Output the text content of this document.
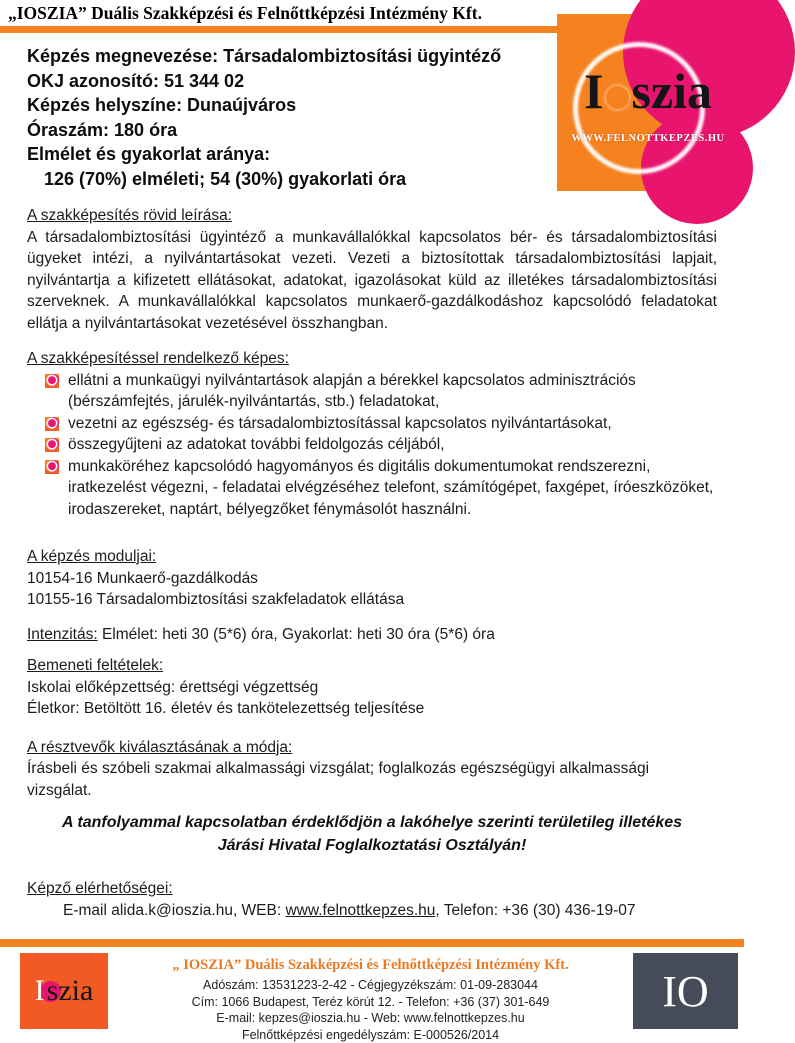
„IOSZIA” Duális Szakképzési és Felnőttképzési Intézmény Kft.
I szia
WWW.FELNOTTKEPZES.HU
Képzés megnevezése: Társadalombiztosítási ügyintéző
OKJ azonosító: 51 344 02
Képzés helyszíne: Dunaújváros
Óraszám: 180 óra
Elmélet és gyakorlat aránya:
126 (70%) elméleti; 54 (30%) gyakorlati óra
A szakképesítés rövid leírása:

A társadalombiztosítási ügyintéző a munkavállalókkal kapcsolatos bér- és társadalombiztosítási ügyeket intézi, a nyilvántartásokat vezeti. Vezeti a biztosítottak társadalombiztosítási lapjait, nyilvántartja a kifizetett ellátásokat, adatokat, igazolásokat küld az illetékes társadalombiztosítási szerveknek. A munkavállalókkal kapcsolatos munkaerő-gazdálkodáshoz kapcsolódó feladatokat ellátja a nyilvántartásokat vezetésével összhangban.

A szakképesítéssel rendelkező képes:
ellátni a munkaügyi nyilvántartások alapján a bérekkel kapcsolatos adminisztrációs (bérszámfejtés, járulék-nyilvántartás, stb.) feladatokat,
vezetni az egészség- és társadalombiztosítással kapcsolatos nyilvántartásokat,
összegyűjteni az adatokat további feldolgozás céljából,
munkaköréhez kapcsolódó hagyományos és digitális dokumentumokat rendszerezni, iratkezelést végezni, - feladatai elvégzéséhez telefont, számítógépet, faxgépet, íróeszközöket, irodaszereket, naptárt, bélyegzőket fénymásolót használni.
A képzés moduljai:
10154-16 Munkaerő-gazdálkodás
10155-16 Társadalombiztosítási szakfeladatok ellátása
Intenzitás: Elmélet: heti 30 (5*6) óra, Gyakorlat: heti 30 óra (5*6) óra
Bemeneti feltételek:
Iskolai előképzettség: érettségi végzettség
Életkor: Betöltött 16. életév és tankötelezettség teljesítése
A résztvevők kiválasztásának a módja:
Írásbeli és szóbeli szakmai alkalmassági vizsgálat; foglalkozás egészségügyi alkalmassági vizsgálat.
A tanfolyammal kapcsolatban érdeklődjön a lakóhelye szerinti területileg illetékes Járási Hivatal Foglalkoztatási Osztályán!
Képző elérhetőségei:
E-mail alida.k@ioszia.hu, WEB: www.felnottkepzes.hu, Telefon: +36 (30) 436-19-07
I szia
„ IOSZIA” Duális Szakképzési és Felnőttképzési Intézmény Kft.
Adószám: 13531223-2-42 - Cégjegyzékszám: 01-09-283044
Cím: 1066 Budapest, Teréz körút 12. - Telefon: +36 (37) 301-649
E-mail: kepzes@ioszia.hu - Web: www.felnottkepzes.hu
Felnőttképzési engedélyszám: E-000526/2014
IO
